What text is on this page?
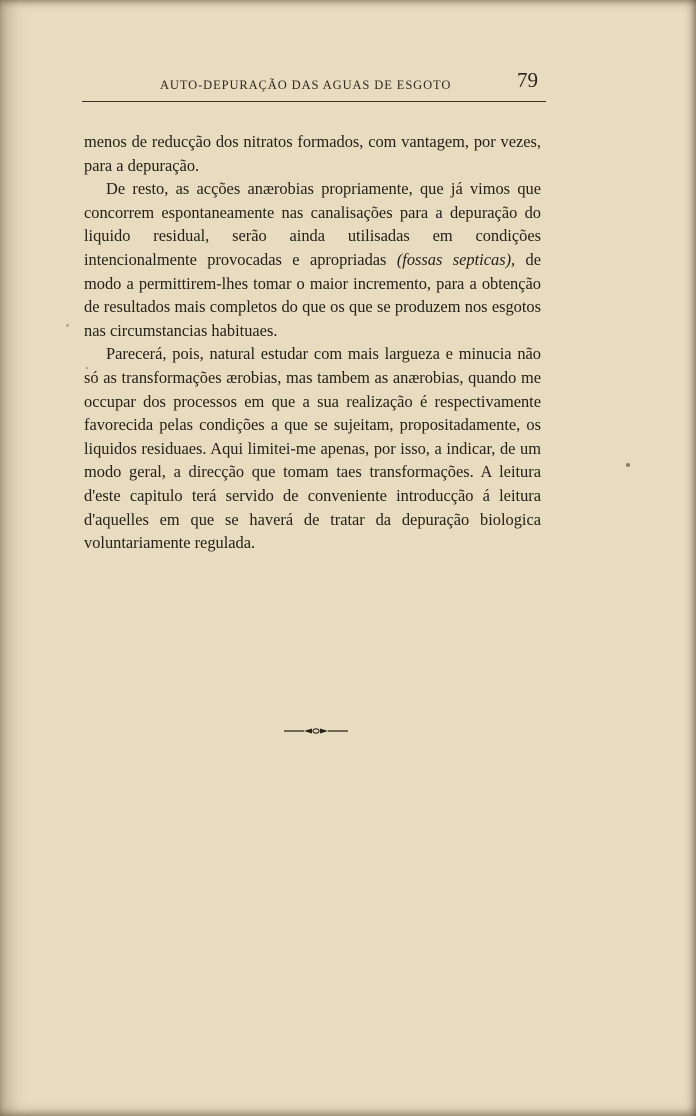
AUTO-DEPURAÇÃO DAS AGUAS DE ESGOTO	79

menos de reducção dos nitratos formados, com vantagem, por vezes, para a depuração.

De resto, as acções anærobias propriamente, que já vimos que concorrem espontaneamente nas canalisações para a depuração do liquido residual, serão ainda utilisadas em condições intencionalmente provocadas e apropriadas (fossas septicas), de modo a permittirem-lhes tomar o maior incremento, para a obtenção de resultados mais completos do que os que se produzem nos esgotos nas circumstancias habituaes.

Parecerá, pois, natural estudar com mais largueza e minucia não só as transformações ærobias, mas tambem as anærobias, quando me occupar dos processos em que a sua realização é respectivamente favorecida pelas condições a que se sujeitam, propositadamente, os liquidos residuaes. Aqui limitei-me apenas, por isso, a indicar, de um modo geral, a direcção que tomam taes transformações. A leitura d'este capitulo terá servido de conveniente introducção á leitura d'aquelles em que se haverá de tratar da depuração biologica voluntariamente regulada.
